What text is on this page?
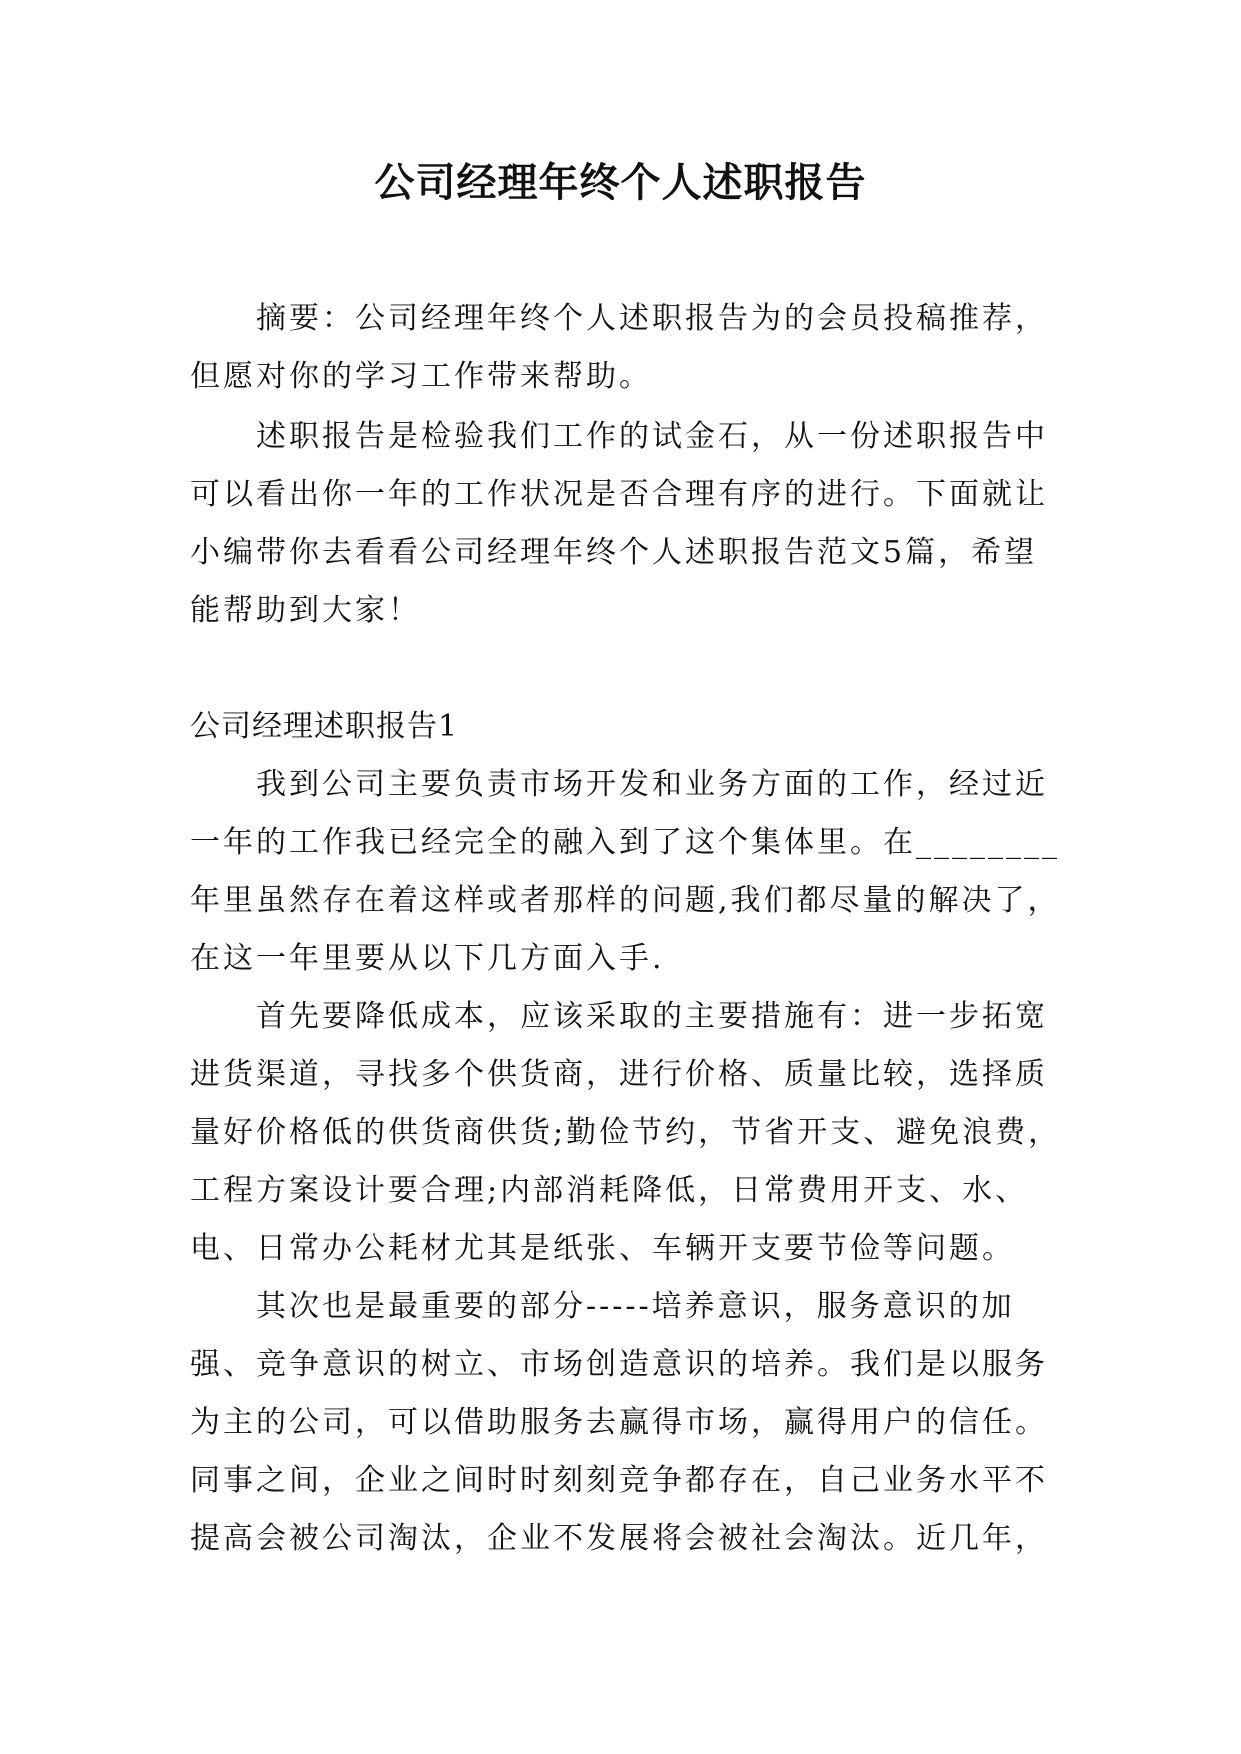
公司经理年终个人述职报告
摘要：公司经理年终个人述职报告为的会员投稿推荐，
但愿对你的学习工作带来帮助。
述职报告是检验我们工作的试金石，从一份述职报告中
可以看出你一年的工作状况是否合理有序的进行。下面就让
小编带你去看看公司经理年终个人述职报告范文5篇，希望
能帮助到大家！
公司经理述职报告1
我到公司主要负责市场开发和业务方面的工作，经过近
一年的工作我已经完全的融入到了这个集体里。在________
年里虽然存在着这样或者那样的问题,我们都尽量的解决了，
在这一年里要从以下几方面入手.
首先要降低成本，应该采取的主要措施有：进一步拓宽
进货渠道，寻找多个供货商，进行价格、质量比较，选择质
量好价格低的供货商供货;勤俭节约，节省开支、避免浪费，
工程方案设计要合理;内部消耗降低，日常费用开支、水、
电、日常办公耗材尤其是纸张、车辆开支要节俭等问题。
其次也是最重要的部分-----培养意识，服务意识的加
强、竞争意识的树立、市场创造意识的培养。我们是以服务
为主的公司，可以借助服务去赢得市场，赢得用户的信任。
同事之间，企业之间时时刻刻竞争都存在，自己业务水平不
提高会被公司淘汰，企业不发展将会被社会淘汰。近几年，
